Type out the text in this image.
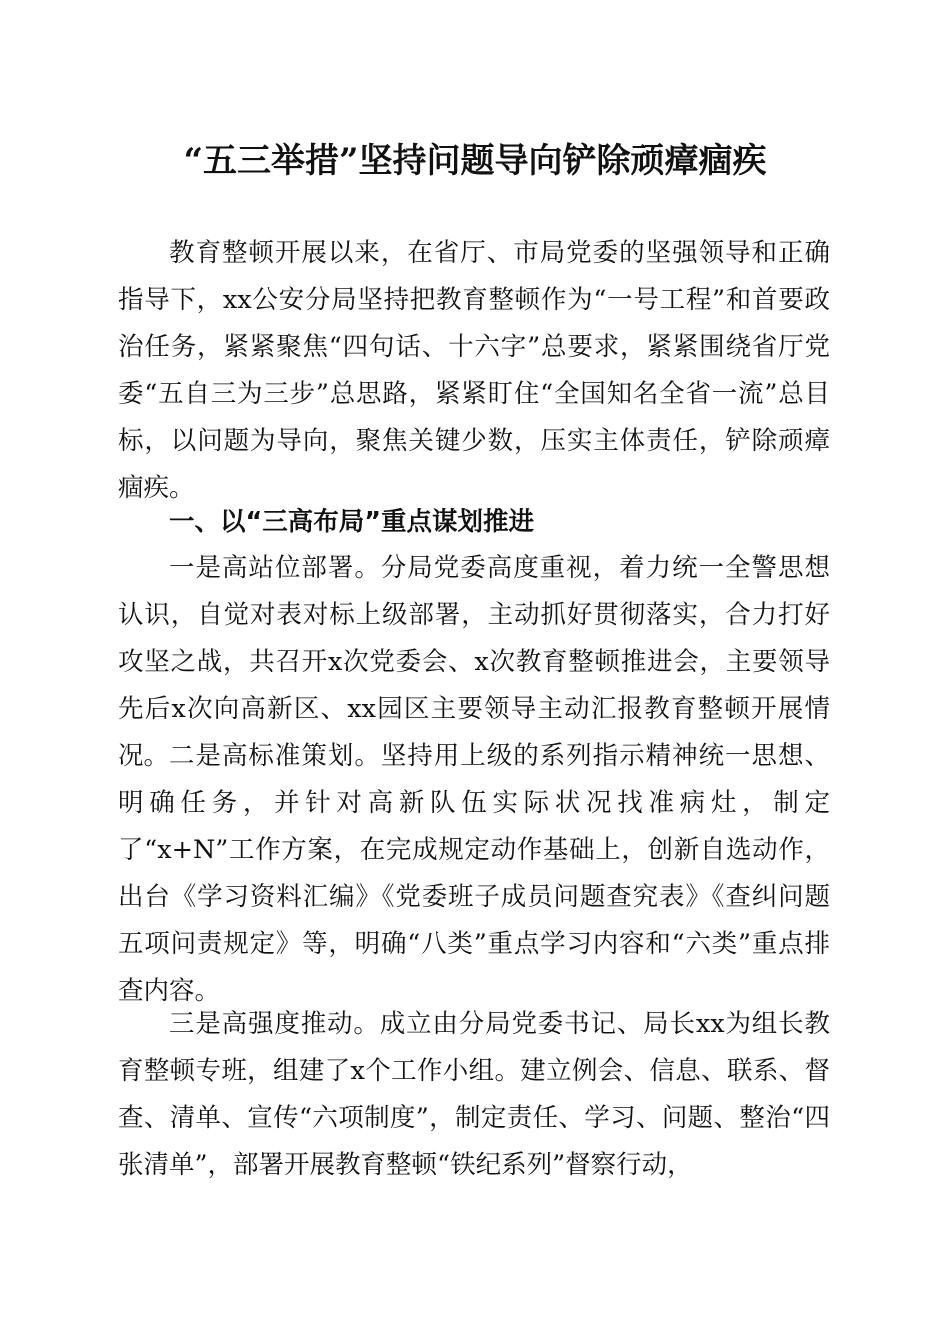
“五三举措”坚持问题导向铲除顽瘴痼疾

教育整顿开展以来，在省厅、市局党委的坚强领导和正确指导下，xx公安分局坚持把教育整顿作为“一号工程”和首要政治任务，紧紧聚焦“四句话、十六字”总要求，紧紧围绕省厅党委“五自三为三步”总思路，紧紧盯住“全国知名全省一流”总目标，以问题为导向，聚焦关键少数，压实主体责任，铲除顽瘴痼疾。

一、以“三高布局”重点谋划推进

一是高站位部署。分局党委高度重视，着力统一全警思想认识，自觉对表对标上级部署，主动抓好贯彻落实，合力打好攻坚之战，共召开x次党委会、x次教育整顿推进会，主要领导先后x次向高新区、xx园区主要领导主动汇报教育整顿开展情况。 二是高标准策划。坚持用上级的系列指示精神统一思想、明确任务，并针对高新队伍实际状况找准病灶，制定了“x+N”工作方案，在完成规定动作基础上，创新自选动作，出台《学习资料汇编》《党委班子成员问题查究表》《查纠问题五项问责规定》等，明确“八类”重点学习内容和“六类”重点排查内容。

三是高强度推动。成立由分局党委书记、局长xx为组长教育整顿专班，组建了x个工作小组。建立例会、信息、联系、督查、清单、宣传“六项制度”，制定责任、学习、问题、整治“四张清单”，部署开展教育整顿“铁纪系列”督察行动，
